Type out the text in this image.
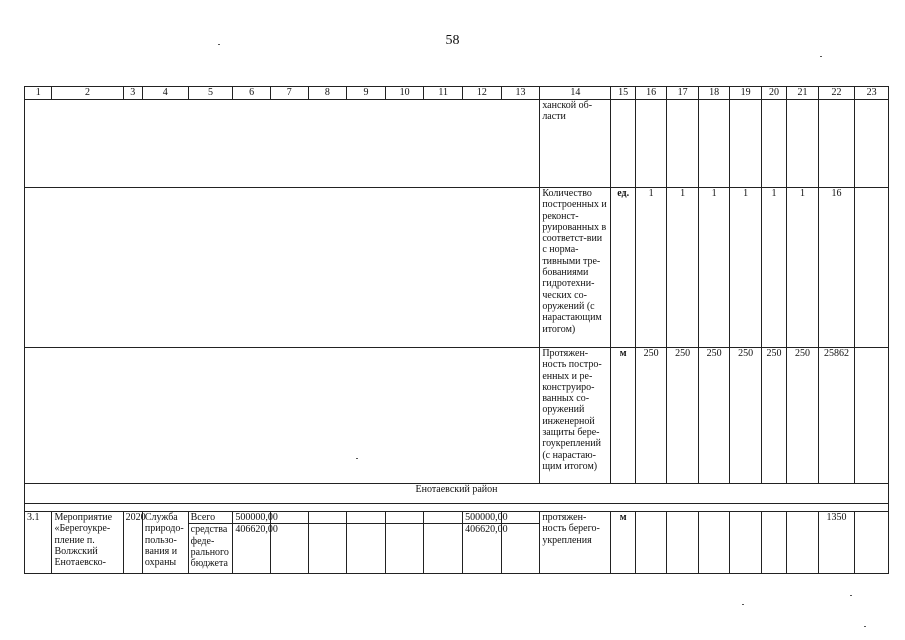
58
1	2	3	4	5	6	7	8	9	10	11	12	13	14	15	16	17	18	19	20	21	22	23
													ханской об-ласти									
													Количество построенных и реконст-руированных в соответст-вии с норма-тивными тре-бованиями гидротехни-ческих со-оружений (с нарастающим итогом)	ед.	1	1	1	1	1	1	16	
													Протяжен-ность постро-енных и ре-конструиро-ванных со-оружений инженерной защиты бере-гоукреплений (с нарастаю-щим итогом)	м	250	250	250	250	250	250	25862	
Енотаевский район																						

3.1	Мероприятие «Берегоукре-пление п. Волжский Енотаевско-	2020	Служба природо-пользо-вания и охраны	Всего	500000,00						500000,00		протяжен-ность берего-укрепления	м							1350	
				средства феде-рального бюджета	406620,00						406620,00											
